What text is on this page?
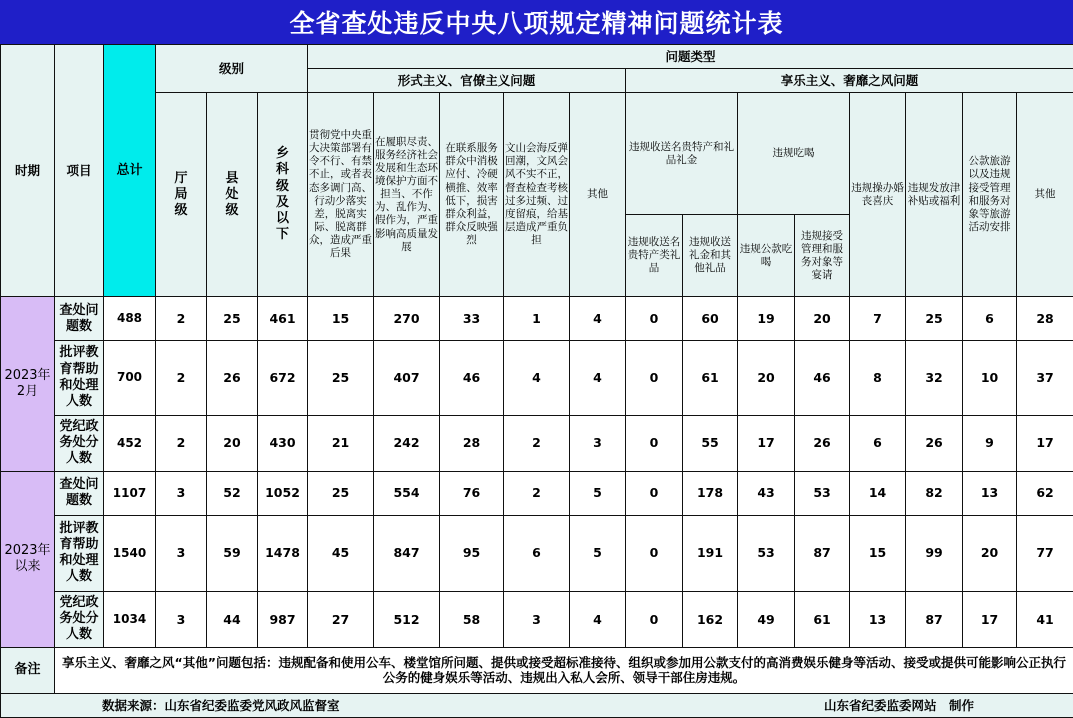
全省查处违反中央八项规定精神问题统计表
时期	项目	总计	级别			问题类型												
						形式主义、官僚主义问题					享乐主义、奢靡之风问题							
						贯彻党中央重大决策部署有令不行、有禁不止，或者表态多调门高、行动少落实差，脱离实际、脱离群众，造成严重后果	在履职尽责、服务经济社会发展和生态环境保护方面不担当、不作为、乱作为、假作为，严重影响高质量发展	在联系服务群众中消极应付、冷硬横推、效率低下，损害群众利益，群众反映强烈	文山会海反弹回潮，文风会风不实不正，督查检查考核过多过频、过度留痕，给基层造成严重负担	其他	违规收送名贵特产和礼品礼金		违规吃喝		违规操办婚丧喜庆	违规发放津补贴或福利	公款旅游以及违规接受管理和服务对象等旅游活动安排	其他
			厅局级	县处级	乡科级及以下													
											违规收送名贵特产类礼品	违规收送礼金和其他礼品	违规公款吃喝	违规接受管理和服务对象等宴请				
2023年2月	查处问题数	488	2	25	461	15	270	33	1	4	0	60	19	20	7	25	6	28
	批评教育帮助和处理人数	700	2	26	672	25	407	46	4	4	0	61	20	46	8	32	10	37
	党纪政务处分人数	452	2	20	430	21	242	28	2	3	0	55	17	26	6	26	9	17
2023年以来	查处问题数	1107	3	52	1052	25	554	76	2	5	0	178	43	53	14	82	13	62
	批评教育帮助和处理人数	1540	3	59	1478	45	847	95	6	5	0	191	53	87	15	99	20	77
	党纪政务处分人数	1034	3	44	987	27	512	58	3	4	0	162	49	61	13	87	17	41
备注	享乐主义、奢靡之风“其他”问题包括：违规配备和使用公车、楼堂馆所问题、提供或接受超标准接待、组织或参加用公款支付的高消费娱乐健身等活动、接受或提供可能影响公正执行公务的健身娱乐等活动、违规出入私人会所、领导干部住房违规。																	

数据来源：山东省纪委监委党风政风监督室 山东省纪委监委网站　制作																		
